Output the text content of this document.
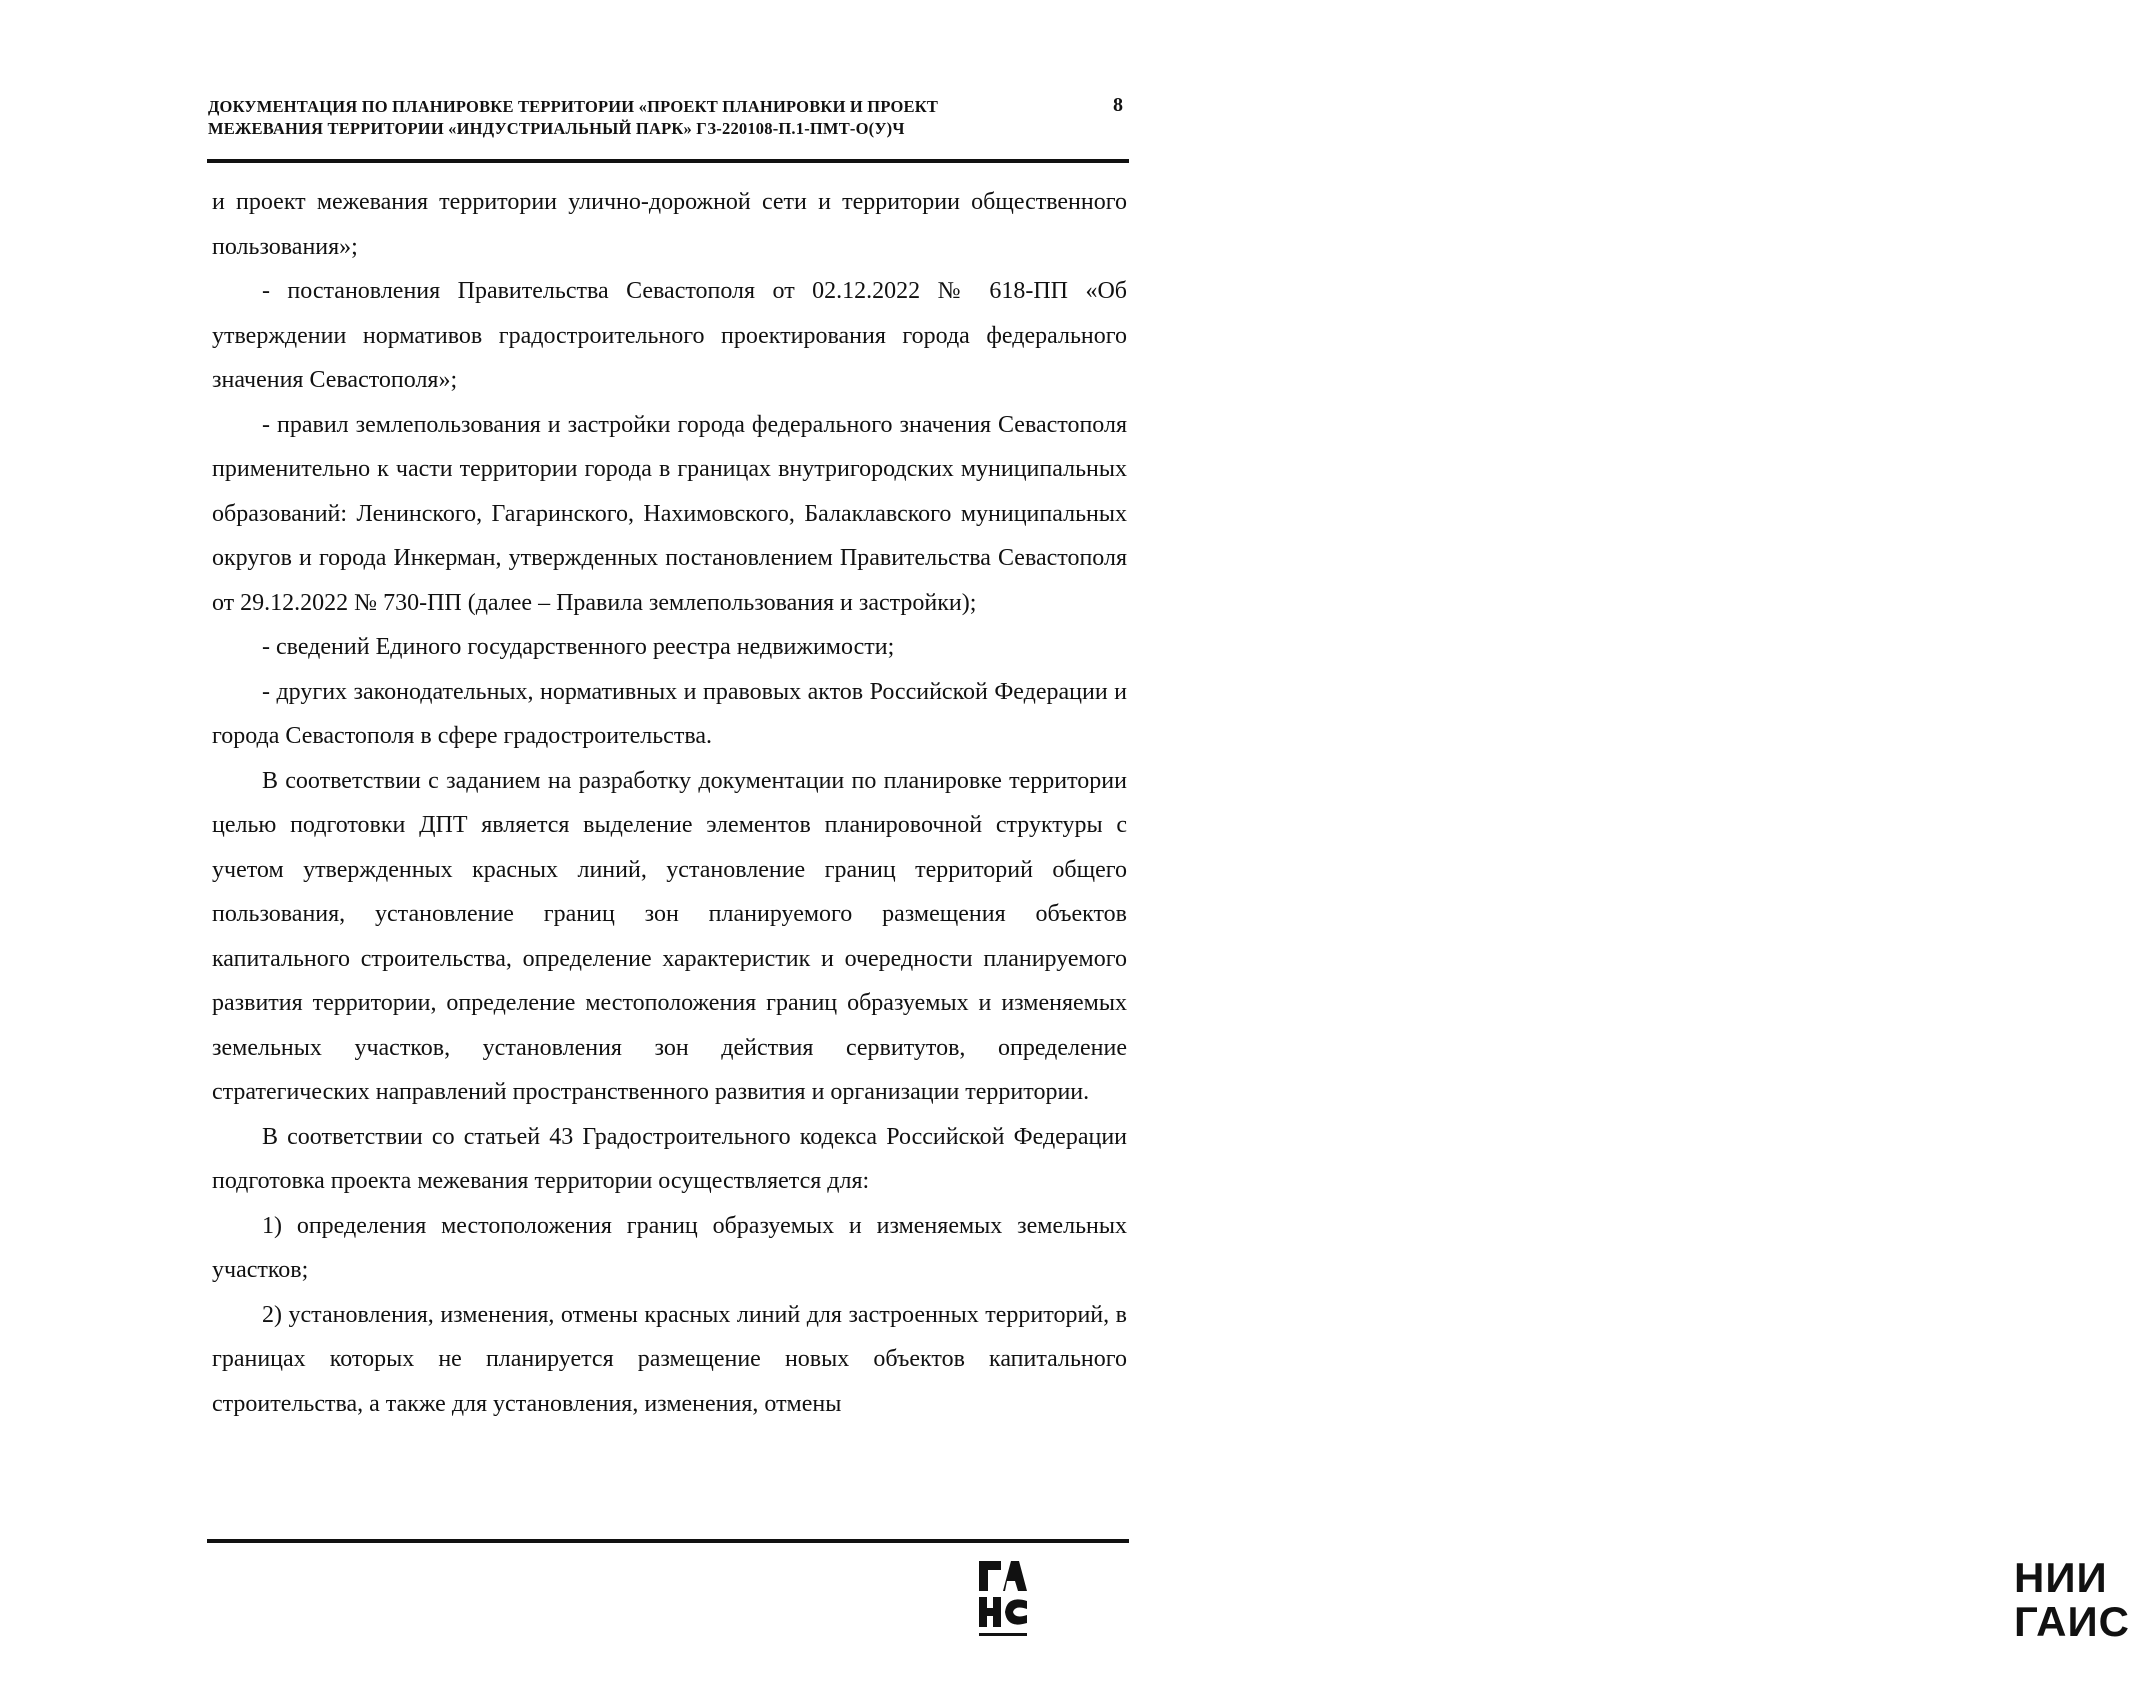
ДОКУМЕНТАЦИЯ ПО ПЛАНИРОВКЕ ТЕРРИТОРИИ «ПРОЕКТ ПЛАНИРОВКИ И ПРОЕКТ
МЕЖЕВАНИЯ ТЕРРИТОРИИ «ИНДУСТРИАЛЬНЫЙ ПАРК» ГЗ-220108-П.1-ПМТ-О(У)Ч
8

и проект межевания территории улично-дорожной сети и территории общественного пользования»;

- постановления Правительства Севастополя от 02.12.2022 № 618-ПП «Об утверждении нормативов градостроительного проектирования города федерального значения Севастополя»;

- правил землепользования и застройки города федерального значения Севастополя применительно к части территории города в границах внутригородских муниципальных образований: Ленинского, Гагаринского, Нахимовского, Балаклавского муниципальных округов и города Инкерман, утвержденных постановлением Правительства Севастополя от 29.12.2022 № 730-ПП (далее – Правила землепользования и застройки);

- сведений Единого государственного реестра недвижимости;

- других законодательных, нормативных и правовых актов Российской Федерации и города Севастополя в сфере градостроительства.

В соответствии с заданием на разработку документации по планировке территории целью подготовки ДПТ является выделение элементов планировочной структуры с учетом утвержденных красных линий, установление границ территорий общего пользования, установление границ зон планируемого размещения объектов капитального строительства, определение характеристик и очередности планируемого развития территории, определение местоположения границ образуемых и изменяемых земельных участков, установления зон действия сервитутов, определение стратегических направлений пространственного развития и организации территории.

В соответствии со статьей 43 Градостроительного кодекса Российской Федерации подготовка проекта межевания территории осуществляется для:

1) определения местоположения границ образуемых и изменяемых земельных участков;

2) установления, изменения, отмены красных линий для застроенных территорий, в границах которых не планируется размещение новых объектов капитального строительства, а также для установления, изменения, отмены

НИИ
ГАИС
